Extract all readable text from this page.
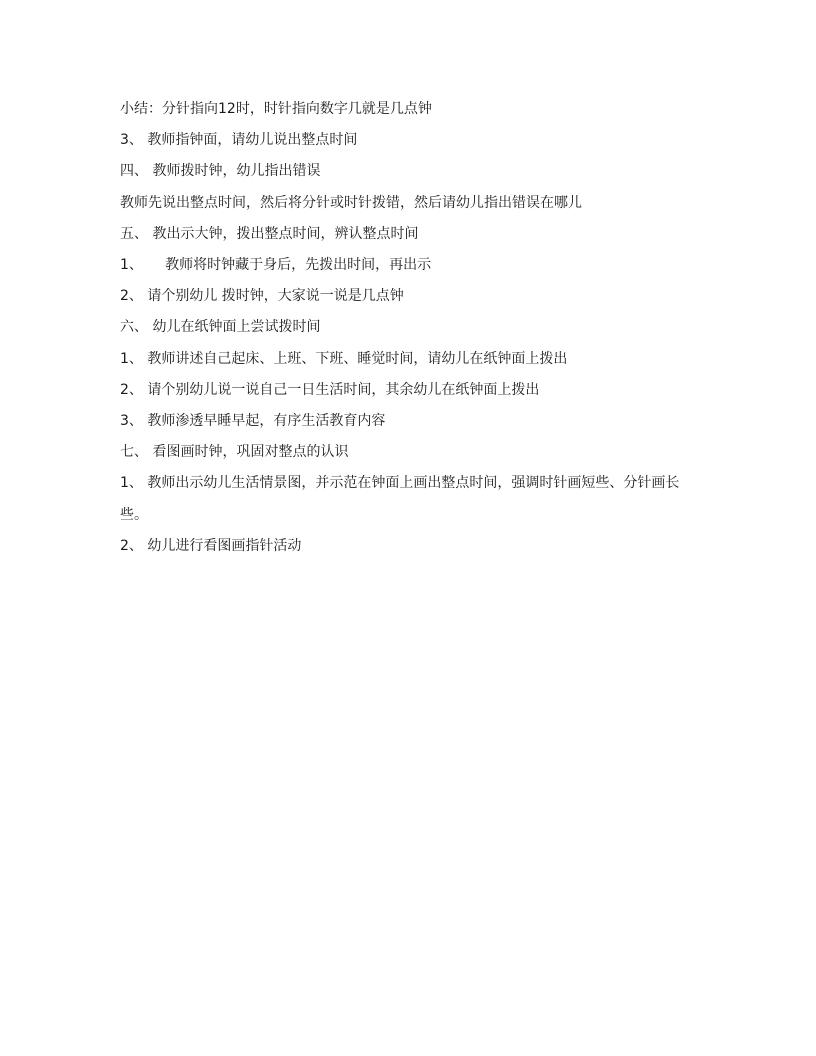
小结：分针指向12时，时针指向数字几就是几点钟

3、 教师指钟面，请幼儿说出整点时间

四、 教师拨时钟，幼儿指出错误

教师先说出整点时间，然后将分针或时针拨错，然后请幼儿指出错误在哪儿

五、 教出示大钟，拨出整点时间，辨认整点时间

1、     教师将时钟藏于身后，先拨出时间，再出示

2、 请个别幼儿 拨时钟，大家说一说是几点钟

六、 幼儿在纸钟面上尝试拨时间

1、 教师讲述自己起床、上班、下班、睡觉时间，请幼儿在纸钟面上拨出

2、 请个别幼儿说一说自己一日生活时间，其余幼儿在纸钟面上拨出

3、 教师渗透早睡早起，有序生活教育内容

七、 看图画时钟，巩固对整点的认识

1、 教师出示幼儿生活情景图，并示范在钟面上画出整点时间，强调时针画短些、分针画长些。

2、 幼儿进行看图画指针活动
